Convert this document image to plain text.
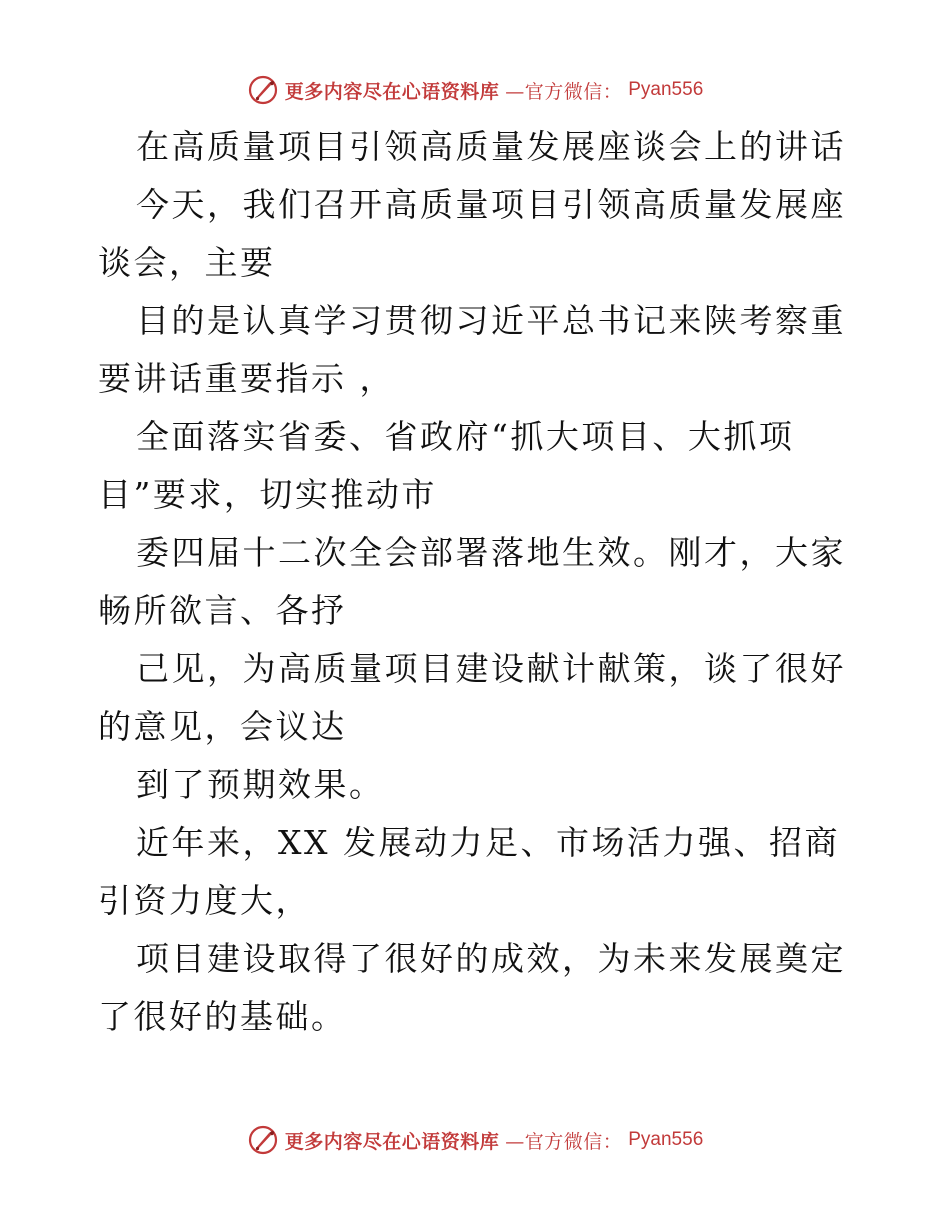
更多内容尽在心语资料库 —官方微信： Pyan556

在高质量项目引领高质量发展座谈会上的讲话

今天，我们召开高质量项目引领高质量发展座谈会，主要

目的是认真学习贯彻习近平总书记来陕考察重要讲话重要指示 ，

全面落实省委、省政府“抓大项目、大抓项　目”要求，切实推动市

委四届十二次全会部署落地生效。刚才，大家畅所欲言、各抒

己见，为高质量项目建设献计献策，谈了很好的意见，会议达

到了预期效果。

近年来，XX 发展动力足、市场活力强、招商引资力度大，

项目建设取得了很好的成效，为未来发展奠定了很好的基础。

更多内容尽在心语资料库 —官方微信： Pyan556
